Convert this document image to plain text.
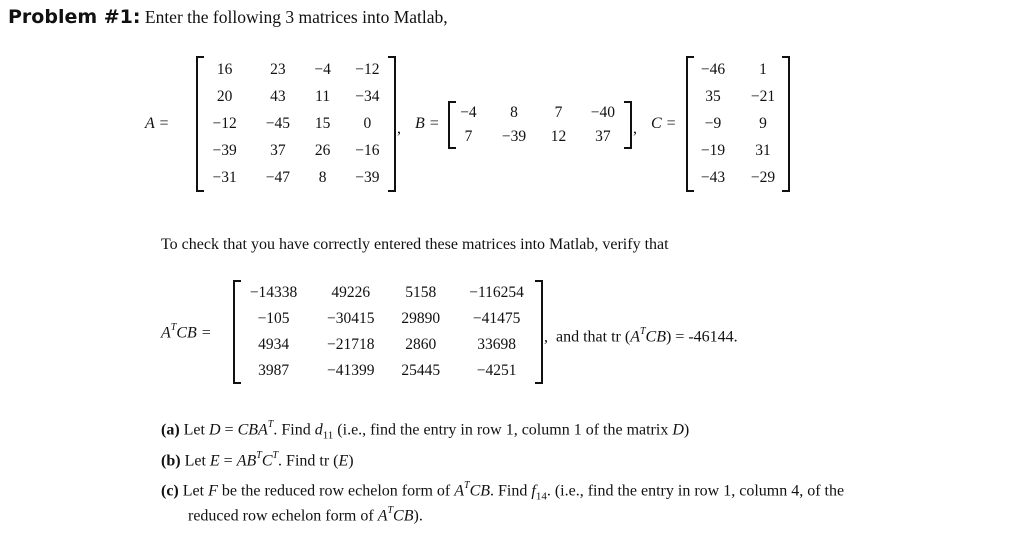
Problem #1: Enter the following 3 matrices into Matlab,
A =
16	23	−4	−12
20	43	11	−34
−12	−45	15	0
−39	37	26	−16
−31	−47	8	−39
, B =
−4	8	7	−40
7	−39	12	37 , C =
−46	1
35	−21
−9	9
−19	31
−43	−29
To check that you have correctly entered these matrices into Matlab, verify that
$A^TCB$ =
−14338	49226	5158	−116254
−105	−30415	29890	−41475
4934	−21718	2860	33698
3987	−41399	25445	−4251
,  and that tr $(A^TCB) = -46144$.
(a) Let $D = CBA^T$. Find $d_{11}$ (i.e., find the entry in row 1, column 1 of the matrix D)
(b) Let $E = AB^TC^T$. Find tr (E)
(c) Let F be the reduced row echelon form of $A^TCB$. Find $f_{14}$. (i.e., find the entry in row 1, column 4, of the
reduced row echelon form of $A^TCB$).
